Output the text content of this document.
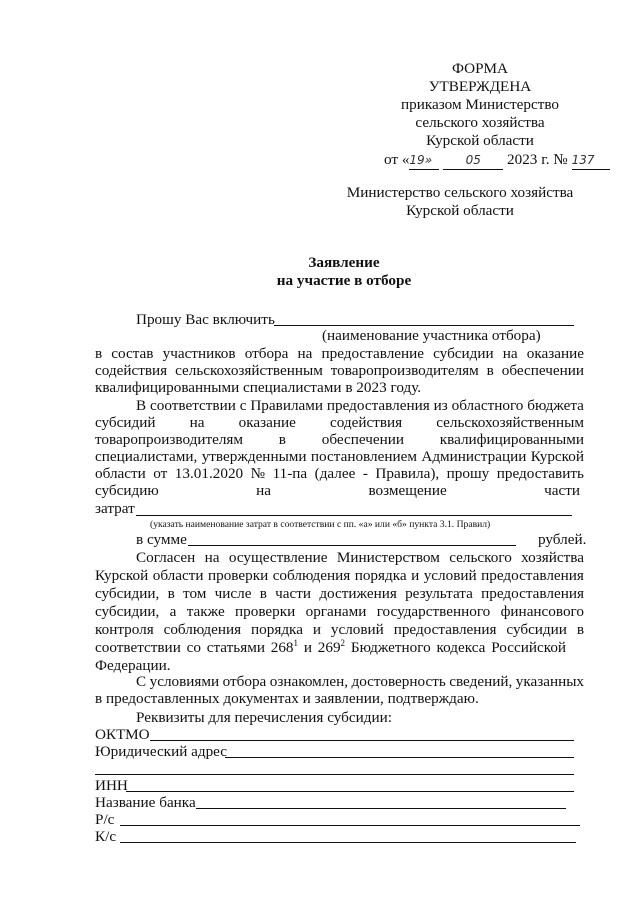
ФОРМА
УТВЕРЖДЕНА
приказом Министерство
сельского хозяйства
Курской области
от «19»	05 2023 г. № 137
Министерство сельского хозяйства
Курской области
Заявление
на участие в отборе
Прошу Вас включить
(наименование участника отбора)
в состав участников отбора на предоставление субсидии на оказание
содействия сельскохозяйственным товаропроизводителям в обеспечении
квалифицированными специалистами в 2023 году.
В соответствии с Правилами предоставления из областного бюджета
субсидий на оказание содействия сельскохозяйственным
товаропроизводителям в обеспечении квалифицированными
специалистами, утвержденными постановлением Администрации Курской
области от 13.01.2020 № 11-па (далее - Правила), прошу предоставить
субсидию	на	возмещение	части
затрат
(указать наименование затрат в соответствии с пп. «а» или «б» пункта 3.1. Правил)
в сумме	рублей.
Согласен на осуществление Министерством сельского хозяйства
Курской области проверки соблюдения порядка и условий предоставления
субсидии, в том числе в части достижения результата предоставления
субсидии, а также проверки органами государственного финансового
контроля соблюдения порядка и условий предоставления субсидии в
соответствии со статьями $268^1$ и $269^2$ Бюджетного кодекса Российской
Федерации.
С условиями отбора ознакомлен, достоверность сведений, указанных
в предоставленных документах и заявлении, подтверждаю.
Реквизиты для перечисления субсидии:
ОКТМО
Юридический адрес
ИНН
Название банка
Р/с
К/с
